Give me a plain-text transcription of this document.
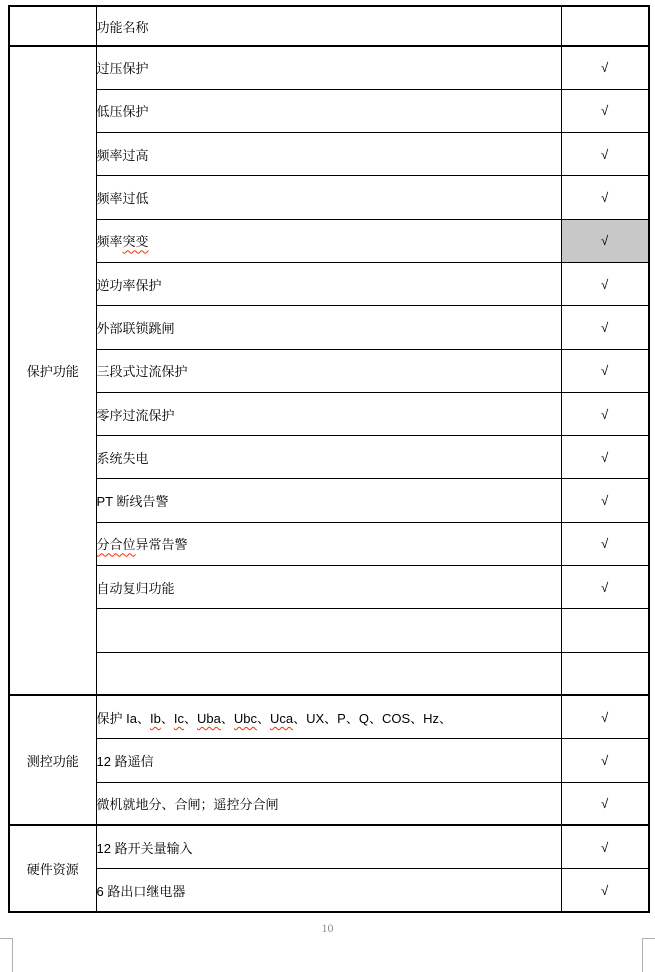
	功能名称	
保护功能	过压保护	√
	低压保护	√
	频率过高	√
	频率过低	√
	频率突变	√
	逆功率保护	√
	外部联锁跳闸	√
	三段式过流保护	√
	零序过流保护	√
	系统失电	√
	PT 断线告警	√
	分合位异常告警	√
	自动复归功能	√

测控功能	保护 Ia、Ib、Ic、Uba、Ubc、Uca、UX、P、Q、COS、Hz、	√
	12 路遥信	√
	微机就地分、合闸；遥控分合闸	√
硬件资源	12 路开关量输入	√
	6 路出口继电器	√
10
